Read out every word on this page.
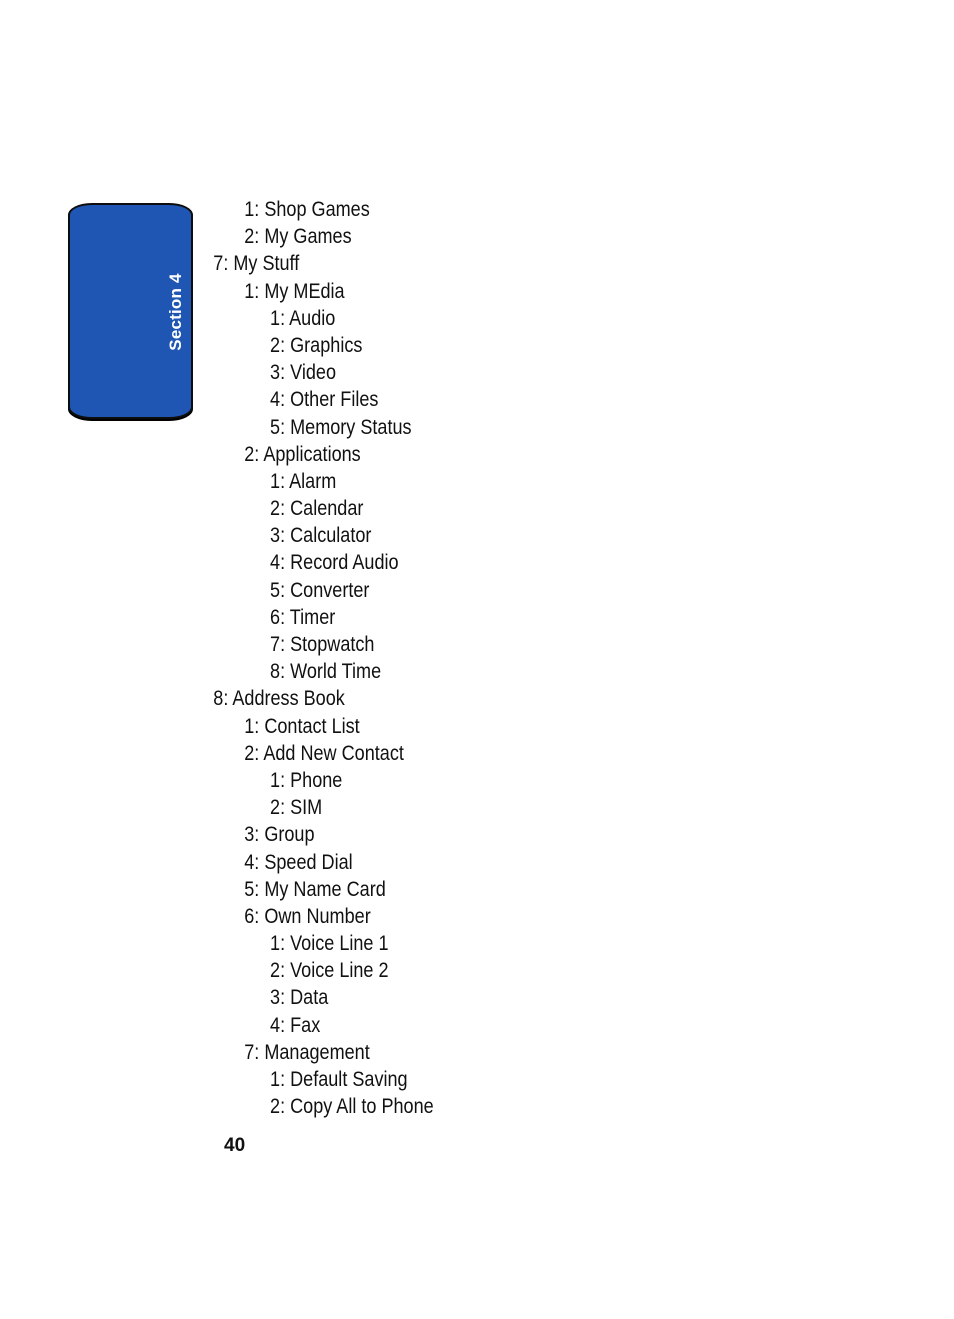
Section 4
1: Shop Games
2: My Games
7: My Stuff
1: My MEdia
1: Audio
2: Graphics
3: Video
4: Other Files
5: Memory Status
2: Applications
1: Alarm
2: Calendar
3: Calculator
4: Record Audio
5: Converter
6: Timer
7: Stopwatch
8: World Time
8: Address Book
1: Contact List
2: Add New Contact
1: Phone
2: SIM
3: Group
4: Speed Dial
5: My Name Card
6: Own Number
1: Voice Line 1
2: Voice Line 2
3: Data
4: Fax
7: Management
1: Default Saving
2: Copy All to Phone
40
